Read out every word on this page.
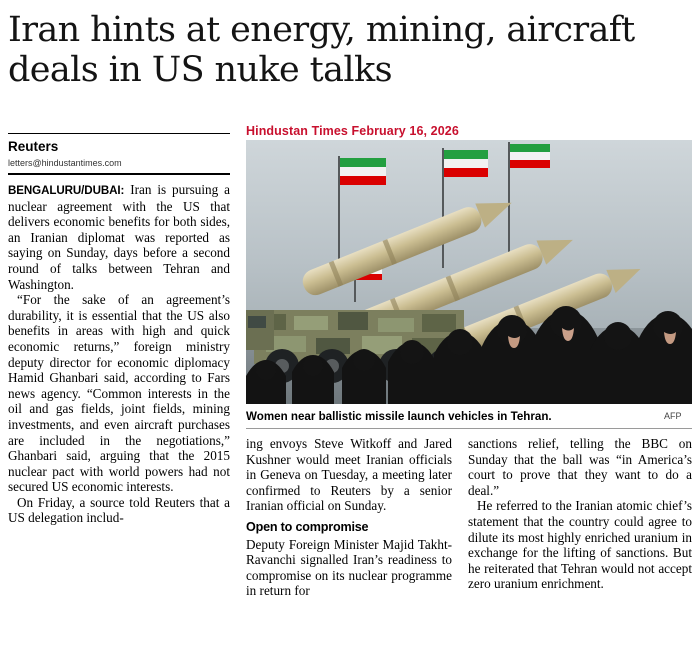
Iran hints at energy, mining, aircraft deals in US nuke talks
Hindustan Times February 16, 2026
Reuters
letters@hindustantimes.com
Women near ballistic missile launch vehicles in Tehran.	AFP

BENGALURU/DUBAI: Iran is pursuing a nuclear agreement with the US that delivers economic benefits for both sides, an Iranian diplomat was reported as saying on Sunday, days before a second round of talks between Tehran and Washington.

“For the sake of an agreement’s durability, it is essential that the US also benefits in areas with high and quick economic returns,” foreign ministry deputy director for economic diplomacy Hamid Ghanbari said, according to Fars news agency. “Common interests in the oil and gas fields, joint fields, mining investments, and even aircraft purchases are included in the negotiations,” Ghanbari said, arguing that the 2015 nuclear pact with world powers had not secured US economic interests.

On Friday, a source told Reuters that a US delegation includ-

ing envoys Steve Witkoff and Jared Kushner would meet Iranian officials in Geneva on Tuesday, a meeting later confirmed to Reuters by a senior Iranian official on Sunday.

Open to compromise

Deputy Foreign Minister Majid Takht-Ravanchi signalled Iran’s readiness to compromise on its nuclear programme in return for

sanctions relief, telling the BBC on Sunday that the ball was “in America’s court to prove that they want to do a deal.”

He referred to the Iranian atomic chief’s statement that the country could agree to dilute its most highly enriched uranium in exchange for the lifting of sanctions. But he reiterated that Tehran would not accept zero uranium enrichment.
